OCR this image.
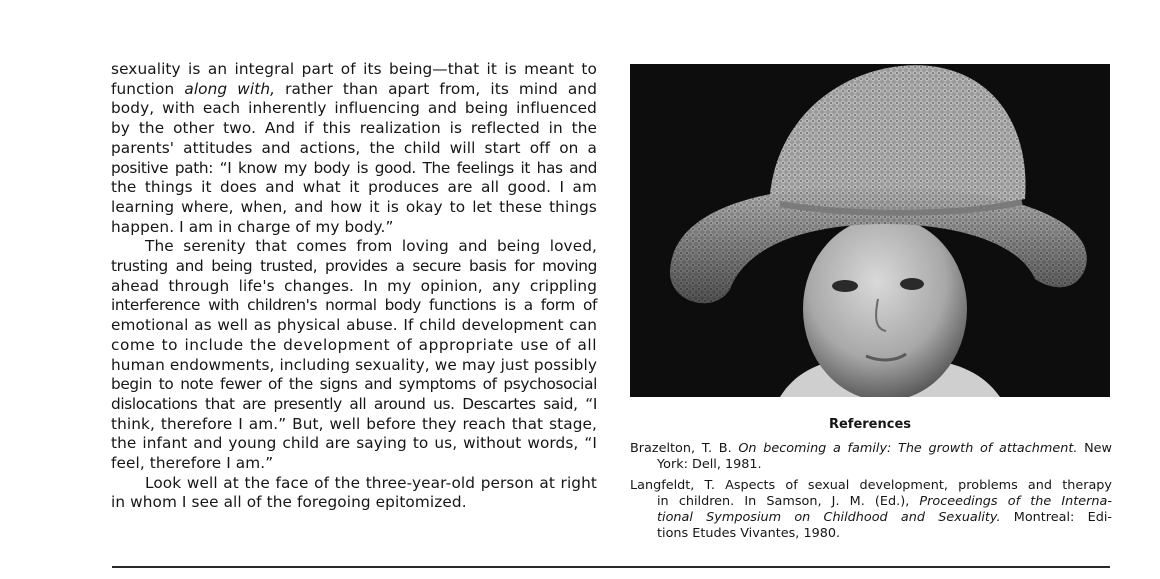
sexuality is an integral part of its being—that it is meant to
function along with, rather than apart from, its mind and
body, with each inherently influencing and being influenced
by the other two. And if this realization is reflected in the
parents' attitudes and actions, the child will start off on a
positive path: “I know my body is good. The feelings it has and
the things it does and what it produces are all good. I am
learning where, when, and how it is okay to let these things
happen. I am in charge of my body.”
The serenity that comes from loving and being loved,
trusting and being trusted, provides a secure basis for moving
ahead through life's changes. In my opinion, any crippling
interference with children's normal body functions is a form of
emotional as well as physical abuse. If child development can
come to include the development of appropriate use of all
human endowments, including sexuality, we may just possibly
begin to note fewer of the signs and symptoms of psychosocial
dislocations that are presently all around us. Descartes said, “I
think, therefore I am.” But, well before they reach that stage,
the infant and young child are saying to us, without words, “I
feel, therefore I am.”
Look well at the face of the three-year-old person at right
in whom I see all of the foregoing epitomized.
References
Brazelton, T. B. On becoming a family: The growth of attachment. New
York: Dell, 1981.
Langfeldt, T. Aspects of sexual development, problems and therapy
in children. In Samson, J. M. (Ed.), Proceedings of the Interna-
tional Symposium on Childhood and Sexuality. Montreal: Edi-
tions Etudes Vivantes, 1980.
